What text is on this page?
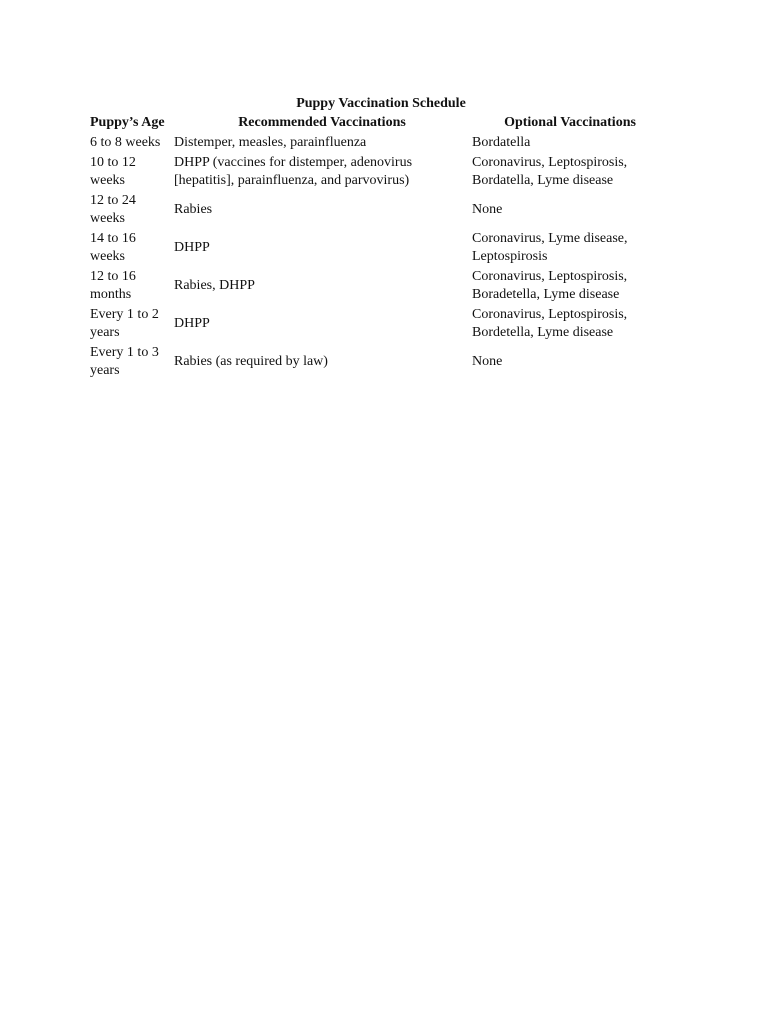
Puppy Vaccination Schedule
Puppy’s Age	Recommended Vaccinations	Optional Vaccinations
6 to 8 weeks	Distemper, measles, parainfluenza	Bordatella
10 to 12 weeks	DHPP (vaccines for distemper, adenovirus [hepatitis], parainfluenza, and parvovirus)	Coronavirus, Leptospirosis, Bordatella, Lyme disease
12 to 24 weeks	Rabies	None
14 to 16 weeks	DHPP	Coronavirus, Lyme disease, Leptospirosis
12 to 16 months	Rabies, DHPP	Coronavirus, Leptospirosis, Boradetella, Lyme disease
Every 1 to 2 years	DHPP	Coronavirus, Leptospirosis, Bordetella, Lyme disease
Every 1 to 3 years	Rabies (as required by law)	None
